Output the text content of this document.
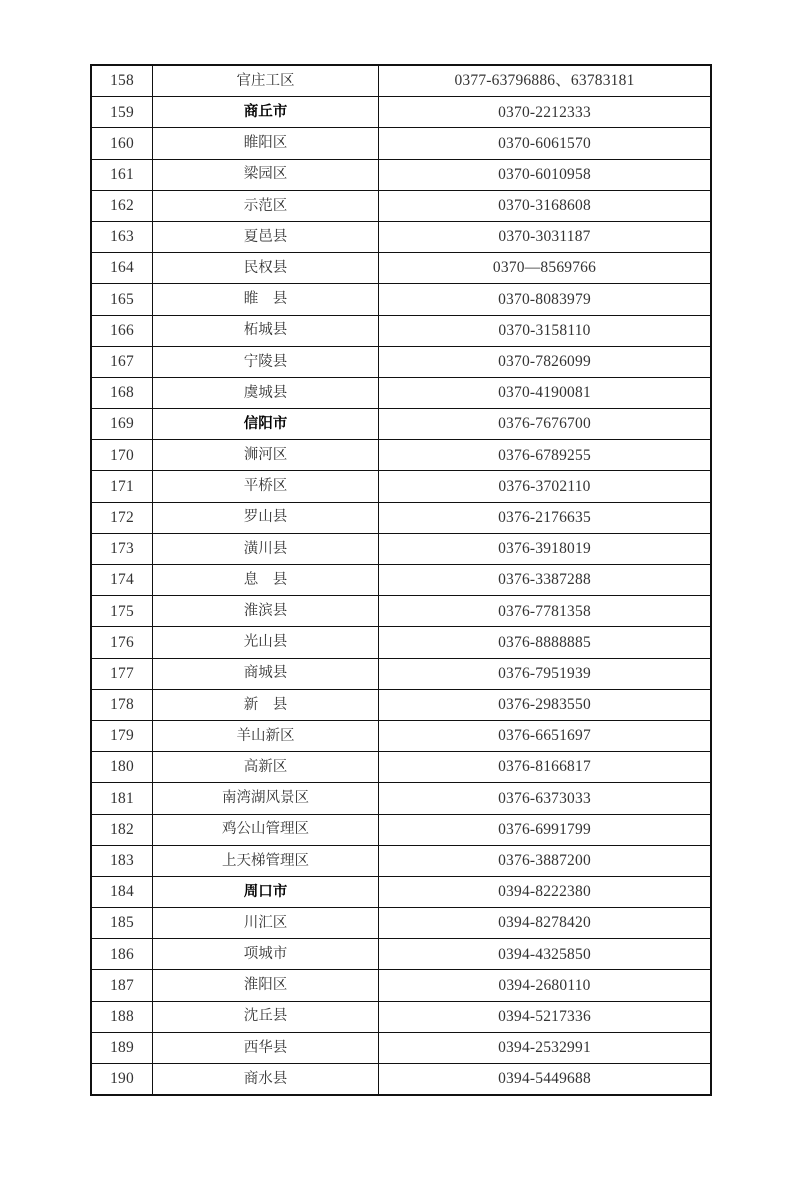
158	官庄工区	0377-63796886、63783181
159	商丘市	0370-2212333
160	睢阳区	0370-6061570
161	梁园区	0370-6010958
162	示范区	0370-3168608
163	夏邑县	0370-3031187
164	民权县	0370—8569766
165	睢　县	0370-8083979
166	柘城县	0370-3158110
167	宁陵县	0370-7826099
168	虞城县	0370-4190081
169	信阳市	0376-7676700
170	浉河区	0376-6789255
171	平桥区	0376-3702110
172	罗山县	0376-2176635
173	潢川县	0376-3918019
174	息　县	0376-3387288
175	淮滨县	0376-7781358
176	光山县	0376-8888885
177	商城县	0376-7951939
178	新　县	0376-2983550
179	羊山新区	0376-6651697
180	高新区	0376-8166817
181	南湾湖风景区	0376-6373033
182	鸡公山管理区	0376-6991799
183	上天梯管理区	0376-3887200
184	周口市	0394-8222380
185	川汇区	0394-8278420
186	项城市	0394-4325850
187	淮阳区	0394-2680110
188	沈丘县	0394-5217336
189	西华县	0394-2532991
190	商水县	0394-5449688
